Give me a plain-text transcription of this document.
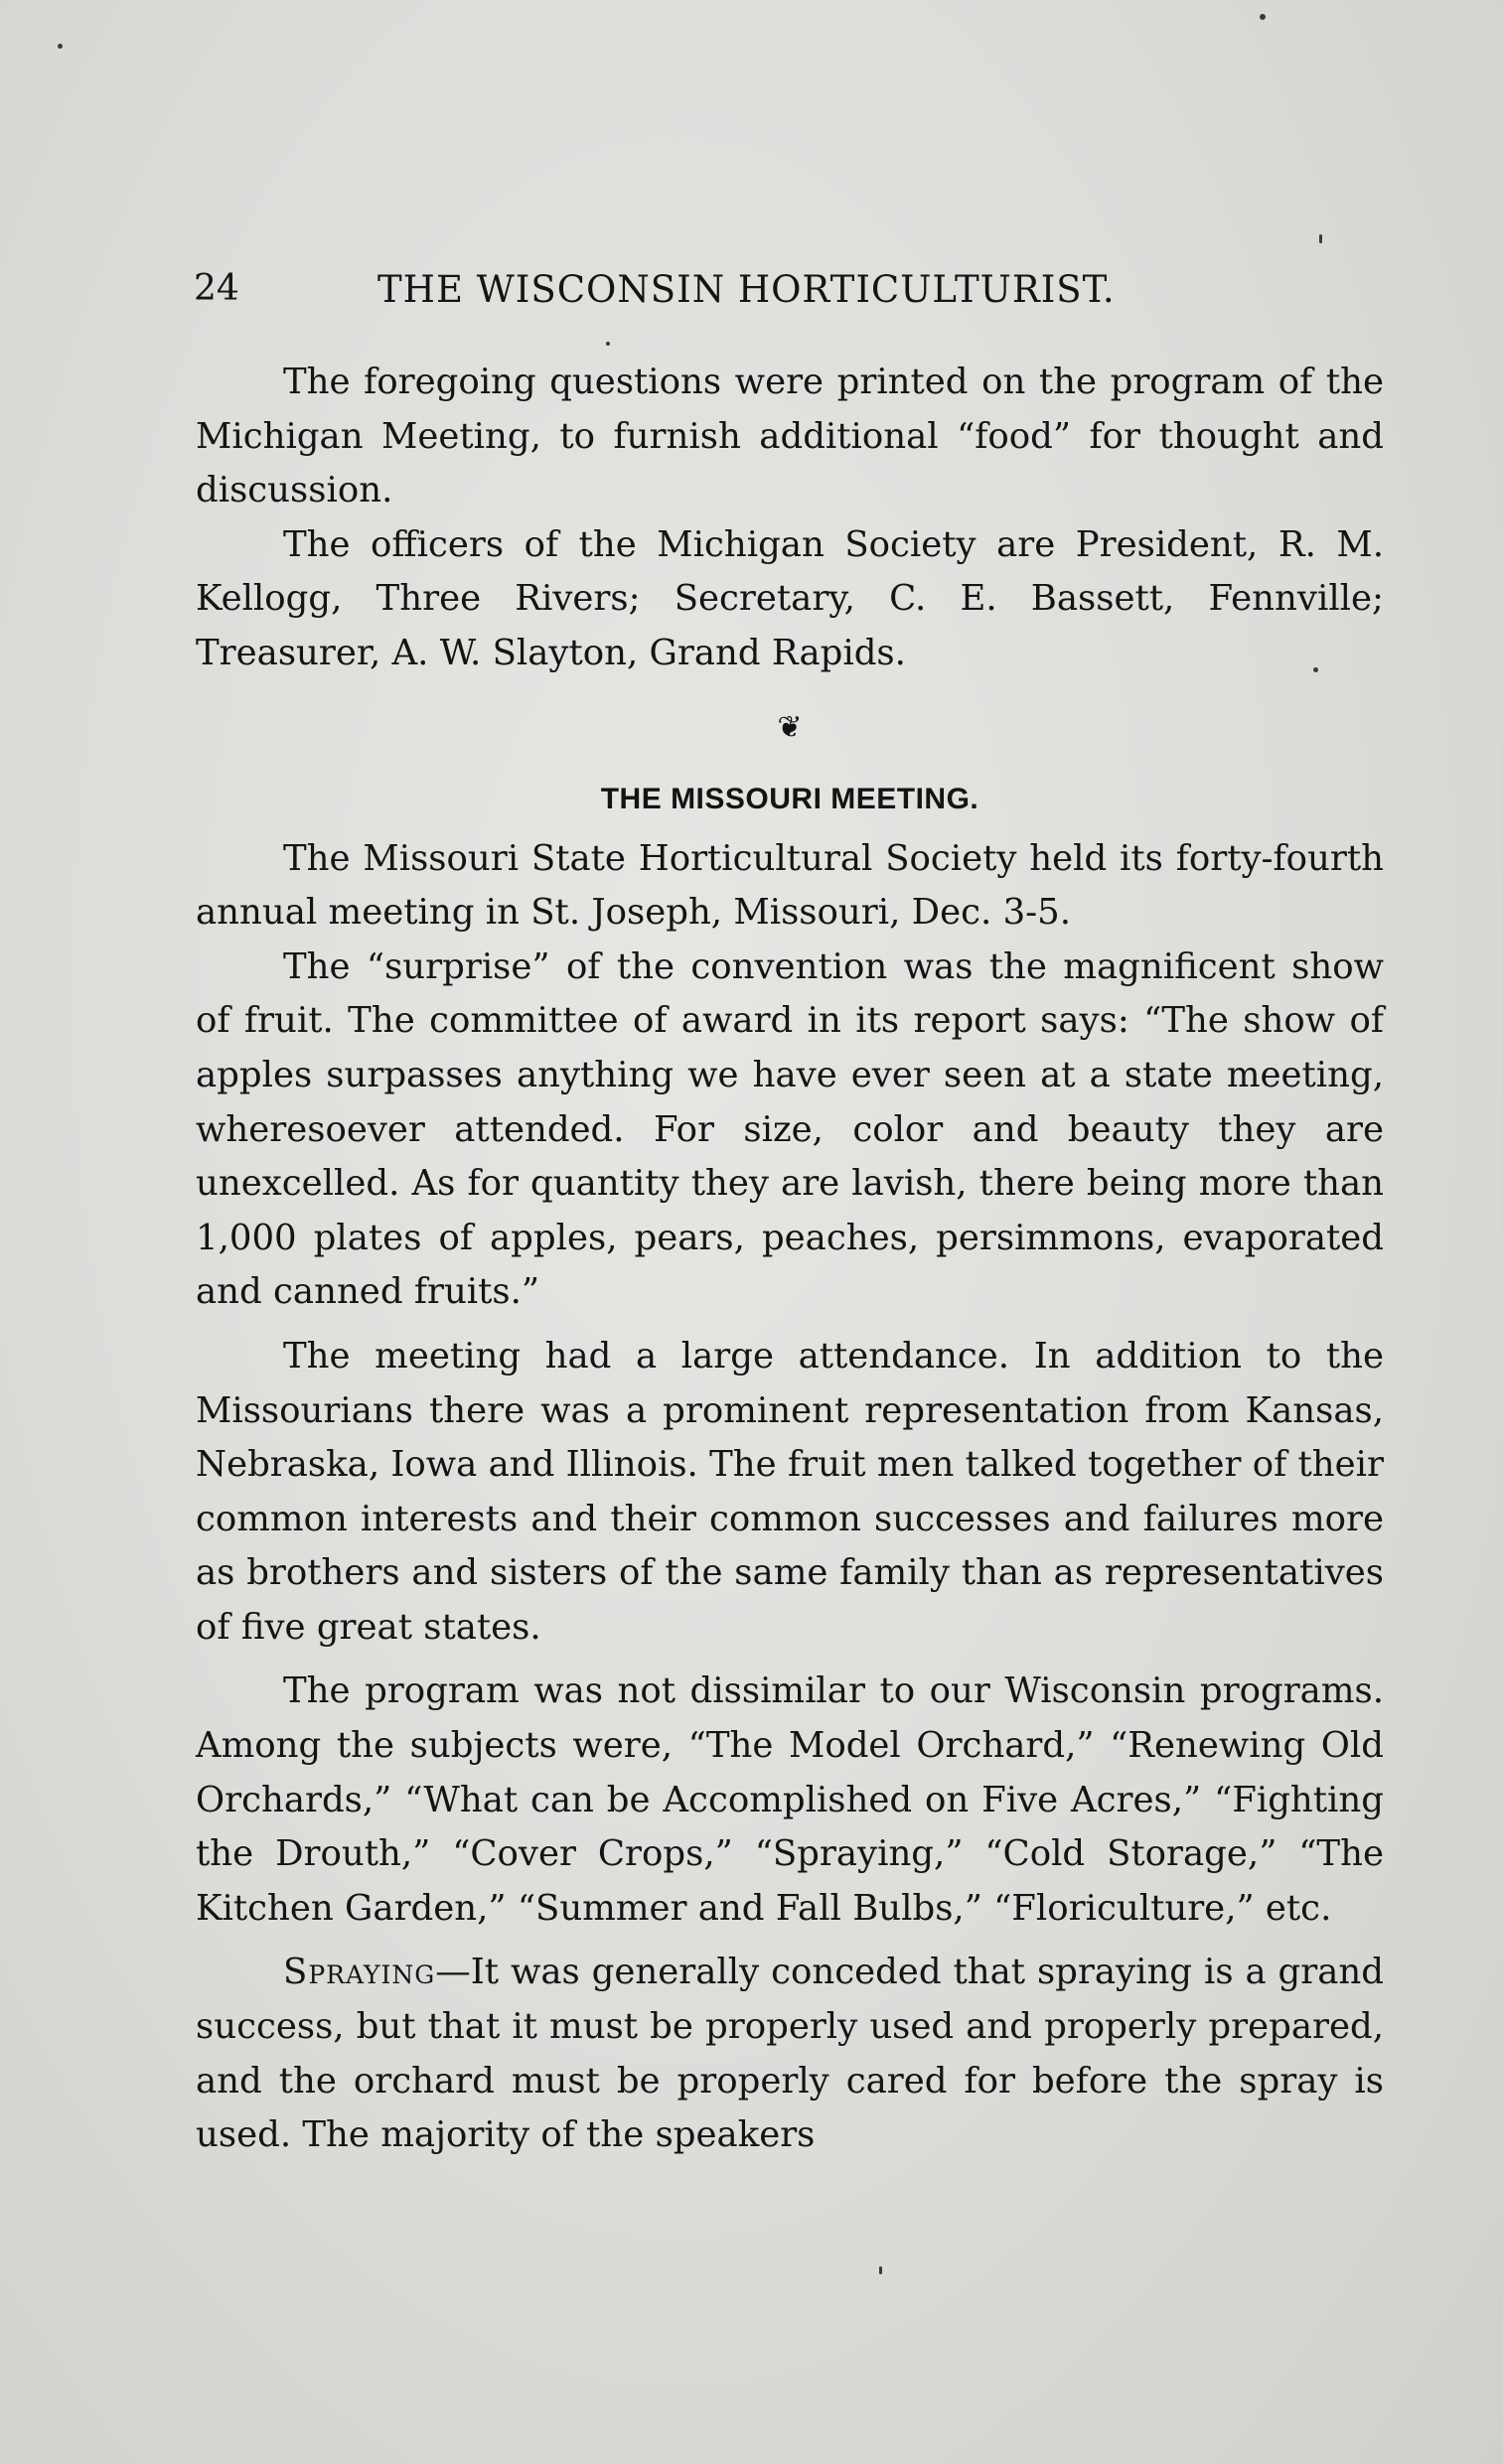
24	THE WISCONSIN HORTICULTURIST.

The foregoing questions were printed on the program of the Michigan Meeting, to furnish additional “food” for thought and discussion.

The officers of the Michigan Society are President, R. M. Kellogg, Three Rivers; Secretary, C. E. Bassett, Fennville; Treasurer, A. W. Slayton, Grand Rapids.

❦
THE MISSOURI MEETING.

The Missouri State Horticultural Society held its forty-fourth annual meeting in St. Joseph, Missouri, Dec. 3-5.

The “surprise” of the convention was the magnificent show of fruit. The committee of award in its report says: “The show of apples surpasses anything we have ever seen at a state meeting, wheresoever attended. For size, color and beauty they are unexcelled. As for quantity they are lavish, there being more than 1,000 plates of apples, pears, peaches, persimmons, evaporated and canned fruits.”

The meeting had a large attendance. In addition to the Missourians there was a prominent representation from Kansas, Nebraska, Iowa and Illinois. The fruit men talked together of their common interests and their common successes and failures more as brothers and sisters of the same family than as representatives of five great states.

The program was not dissimilar to our Wisconsin programs. Among the subjects were, “The Model Orchard,” “Renewing Old Orchards,” “What can be Accomplished on Five Acres,” “Fighting the Drouth,” “Cover Crops,” “Spraying,” “Cold Storage,” “The Kitchen Garden,” “Summer and Fall Bulbs,” “Floriculture,” etc.

Spraying—It was generally conceded that spraying is a grand success, but that it must be properly used and properly prepared, and the orchard must be properly cared for before the spray is used. The majority of the speakers
